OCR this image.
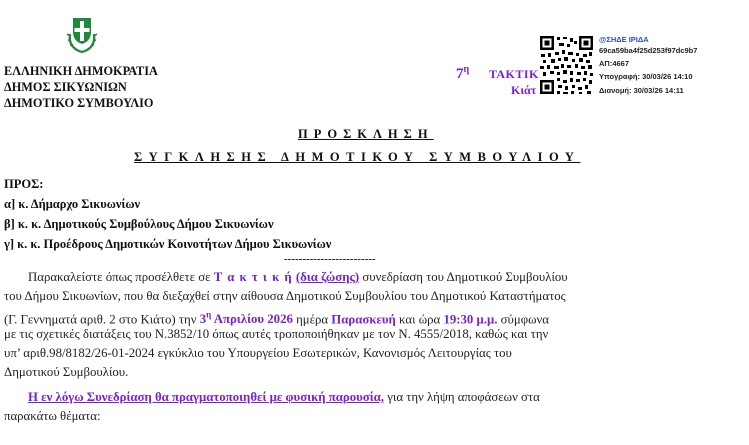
ΕΛΛΗΝΙΚΗ ΔΗΜΟΚΡΑΤΙΑ
ΔΗΜΟΣ ΣΙΚΥΩΝΙΩΝ
ΔΗΜΟΤΙΚΟ ΣΥΜΒΟΥΛΙΟ
$7^\eta$ ΤΑΚΤΙΚ
Κιάτ
@ΣΗΔΕ ΙΡΙΔΑ
69ca59ba4f25d253f97dc9b7
ΑΠ:4667
Υπογραφή: 30/03/26 14:10
Διανομή: 30/03/26 14:11
ΠΡΟΣΚΛΗΣΗ
ΣΥΓΚΛΗΣΗΣ ΔΗΜΟΤΙΚΟΥ ΣΥΜΒΟΥΛΙΟΥ
ΠΡΟΣ:
α] κ. Δήμαρχο Σικυωνίων
β] κ. κ. Δημοτικούς Συμβούλους Δήμου Σικυωνίων
γ] κ. κ. Προέδρους Δημοτικών Κοινοτήτων Δήμου Σικυωνίων
-------------------------
Παρακαλείστε όπως προσέλθετε σε Τ α κ τ ι κ ή (δια ζώσης) συνεδρίαση του Δημοτικού Συμβουλίου
του Δήμου Σικυωνίων, που θα διεξαχθεί στην αίθουσα Δημοτικού Συμβουλίου του Δημοτικού Καταστήματος
(Γ. Γεννηματά αριθ. 2 στο Κιάτο) την $3^\eta$ Απριλίου 2026 ημέρα Παρασκευή και ώρα 19:30 μ.μ. σύμφωνα
με τις σχετικές διατάξεις του Ν.3852/10 όπως αυτές τροποποιήθηκαν με τον Ν. 4555/2018, καθώς και την
υπ’ αριθ.98/8182/26-01-2024 εγκύκλιο του Υπουργείου Εσωτερικών, Κανονισμός Λειτουργίας του
Δημοτικού Συμβουλίου.
Η εν λόγω Συνεδρίαση θα πραγματοποιηθεί με φυσική παρουσία, για την λήψη αποφάσεων στα
παρακάτω θέματα:
